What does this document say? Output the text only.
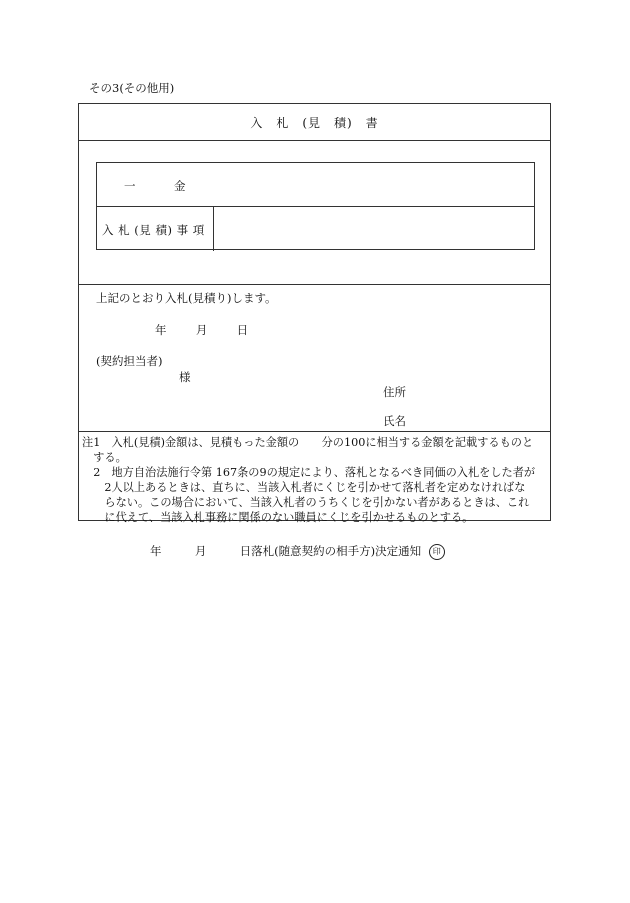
その3(その他用)
入　札　(見　積)　書
一	金
入 札 (見 積) 事 項
上記のとおり入札(見積り)します。
年	月	日
(契約担当者)
様
住所
氏名
注1　入札(見積)金額は、見積もった金額の　　分の100に相当する金額を記載するものと
　する。
　2　地方自治法施行令第 167条の9の規定により、落札となるべき同価の入札をした者が
　　2人以上あるときは、直ちに、当該入札者にくじを引かせて落札者を定めなければな
　　らない。この場合において、当該入札者のうちくじを引かない者があるときは、これ
　　に代えて、当該入札事務に関係のない職員にくじを引かせるものとする。
年	月	日落札(随意契約の相手方)決定通知 印
